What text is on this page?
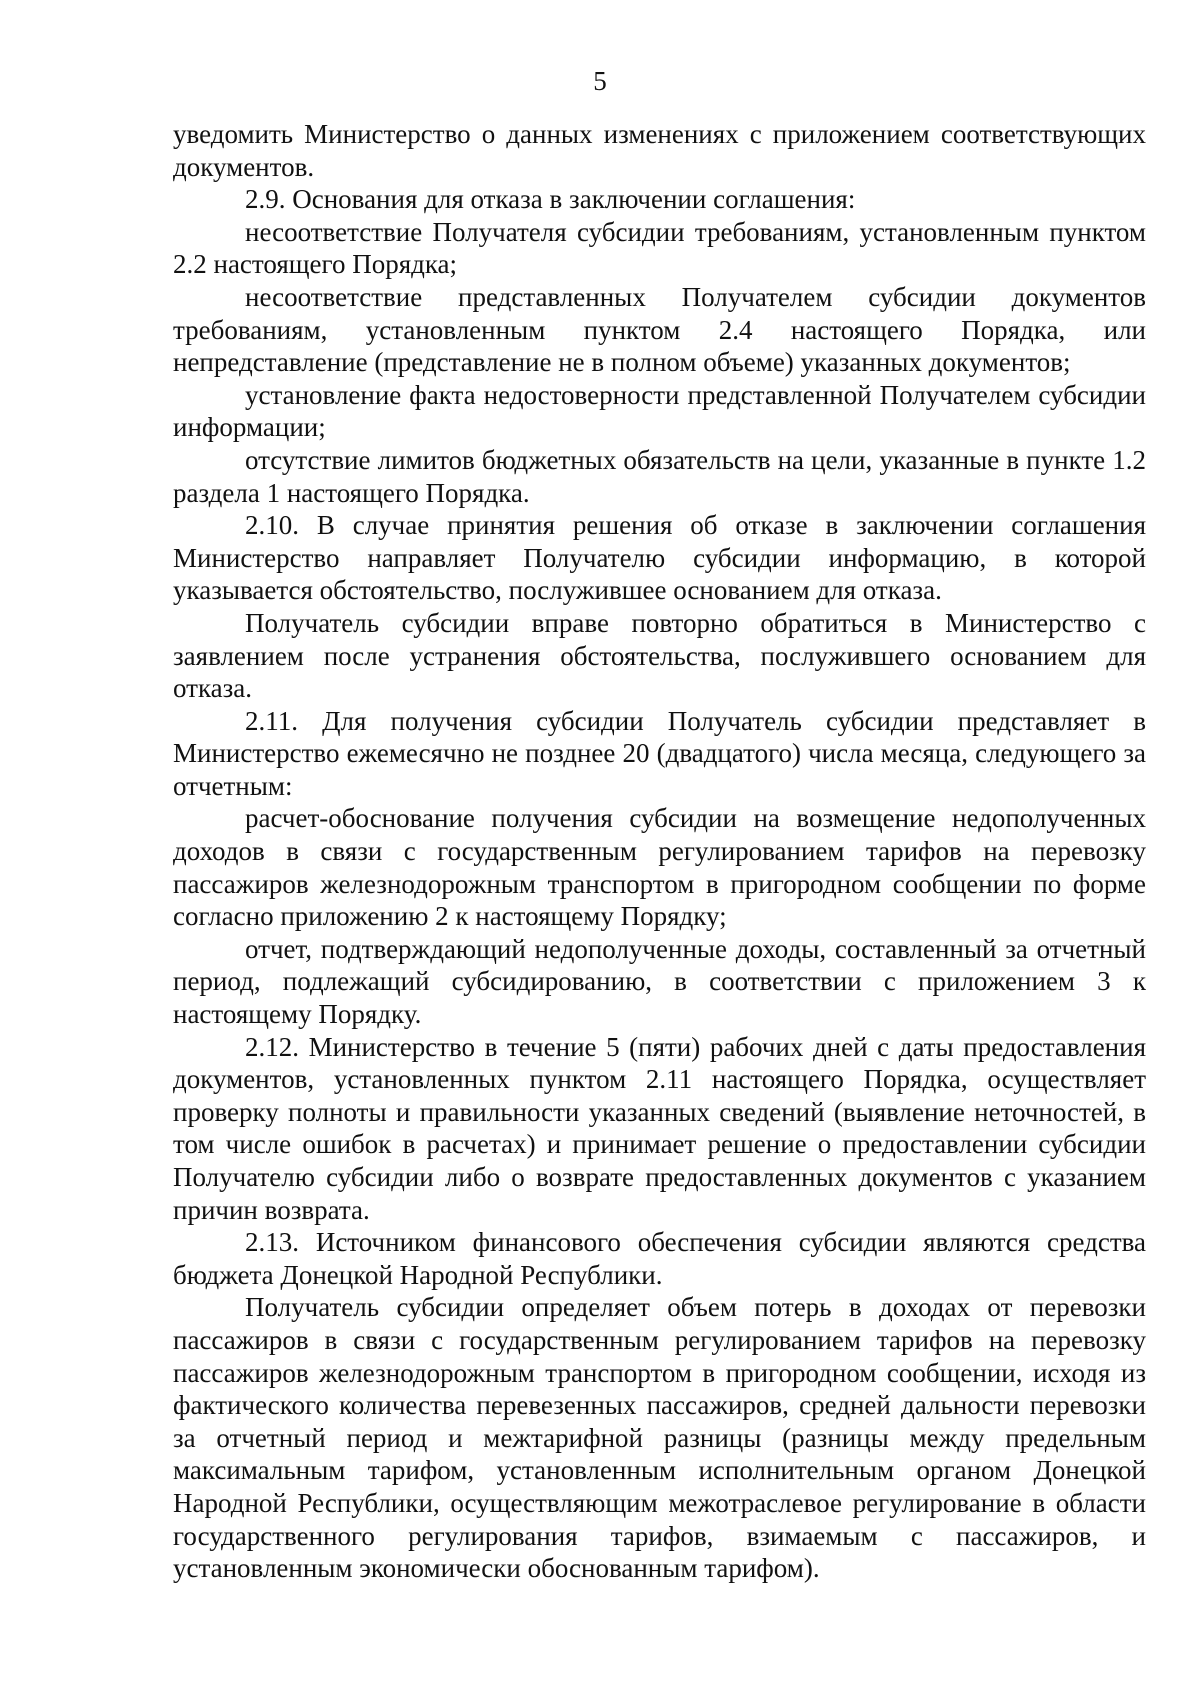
5

уведомить Министерство о данных изменениях с приложением соответствующих документов.

2.9. Основания для отказа в заключении соглашения:

несоответствие Получателя субсидии требованиям, установленным пунктом 2.2 настоящего Порядка;

несоответствие представленных Получателем субсидии документов требованиям, установленным пунктом 2.4 настоящего Порядка, или непредставление (представление не в полном объеме) указанных документов;

установление факта недостоверности представленной Получателем субсидии информации;

отсутствие лимитов бюджетных обязательств на цели, указанные в пункте 1.2 раздела 1 настоящего Порядка.

2.10. В случае принятия решения об отказе в заключении соглашения Министерство направляет Получателю субсидии информацию, в которой указывается обстоятельство, послужившее основанием для отказа.

Получатель субсидии вправе повторно обратиться в Министерство с заявлением после устранения обстоятельства, послужившего основанием для отказа.

2.11. Для получения субсидии Получатель субсидии представляет в Министерство ежемесячно не позднее 20 (двадцатого) числа месяца, следующего за отчетным:

расчет-обоснование получения субсидии на возмещение недополученных доходов в связи с государственным регулированием тарифов на перевозку пассажиров железнодорожным транспортом в пригородном сообщении по форме согласно приложению 2 к настоящему Порядку;

отчет, подтверждающий недополученные доходы, составленный за отчетный период, подлежащий субсидированию, в соответствии с приложением 3 к настоящему Порядку.

2.12. Министерство в течение 5 (пяти) рабочих дней с даты предоставления документов, установленных пунктом 2.11 настоящего Порядка, осуществляет проверку полноты и правильности указанных сведений (выявление неточностей, в том числе ошибок в расчетах) и принимает решение о предоставлении субсидии Получателю субсидии либо о возврате предоставленных документов с указанием причин возврата.

2.13. Источником финансового обеспечения субсидии являются средства бюджета Донецкой Народной Республики.

Получатель субсидии определяет объем потерь в доходах от перевозки пассажиров в связи с государственным регулированием тарифов на перевозку пассажиров железнодорожным транспортом в пригородном сообщении, исходя из фактического количества перевезенных пассажиров, средней дальности перевозки за отчетный период и межтарифной разницы (разницы между предельным максимальным тарифом, установленным исполнительным органом Донецкой Народной Республики, осуществляющим межотраслевое регулирование в области государственного регулирования тарифов, взимаемым с пассажиров, и установленным экономически обоснованным тарифом).
